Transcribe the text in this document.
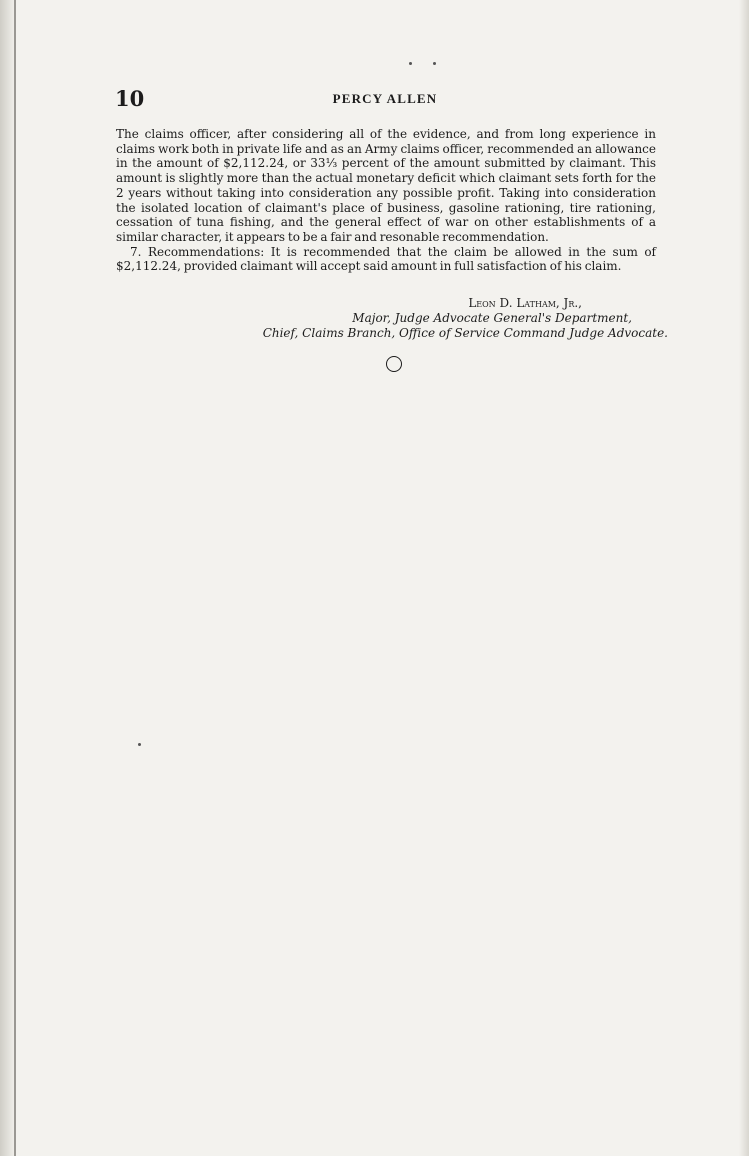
10	PERCY ALLEN

The claims officer, after considering all of the evidence, and from long experience in claims work both in private life and as an Army claims officer, recommended an allowance in the amount of $2,112.24, or 33⅓ percent of the amount submitted by claimant. This amount is slightly more than the actual monetary deficit which claimant sets forth for the 2 years without taking into consideration any possible profit. Taking into consideration the isolated location of claimant's place of business, gasoline rationing, tire rationing, cessation of tuna fishing, and the general effect of war on other establishments of a similar character, it appears to be a fair and resonable recommendation.

7. Recommendations: It is recommended that the claim be allowed in the sum of $2,112.24, provided claimant will accept said amount in full satisfaction of his claim.

Leon D. Latham, Jr.,
Major, Judge Advocate General's Department,
Chief, Claims Branch, Office of Service Command Judge Advocate.
